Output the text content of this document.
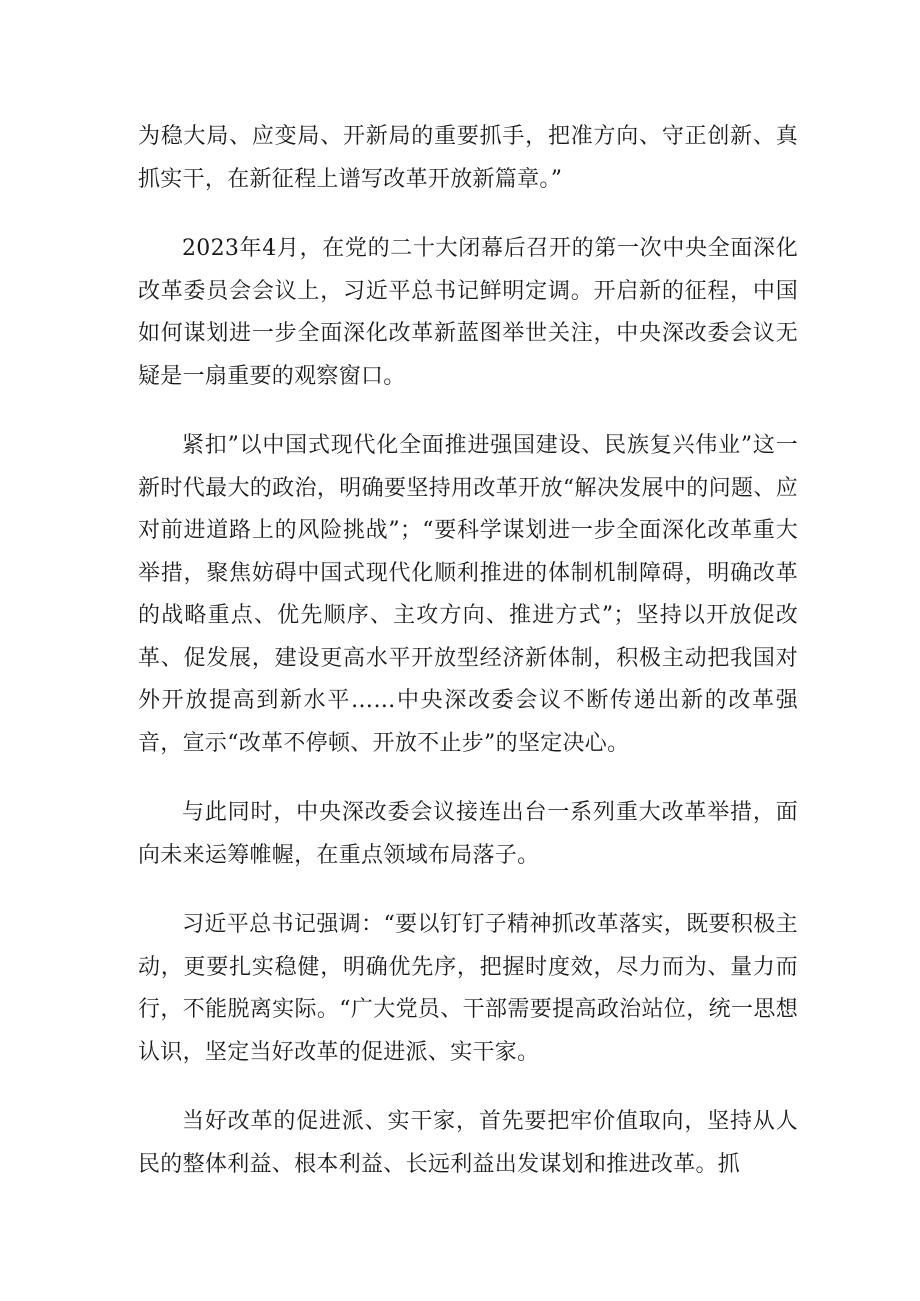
为稳大局、应变局、开新局的重要抓手，把准方向、守正创新、真抓实干，在新征程上谱写改革开放新篇章。”

2023年4月，在党的二十大闭幕后召开的第一次中央全面深化改革委员会会议上，习近平总书记鲜明定调。开启新的征程，中国如何谋划进一步全面深化改革新蓝图举世关注，中央深改委会议无疑是一扇重要的观察窗口。

紧扣”以中国式现代化全面推进强国建设、民族复兴伟业”这一新时代最大的政治，明确要坚持用改革开放“解决发展中的问题、应对前进道路上的风险挑战”；“要科学谋划进一步全面深化改革重大举措，聚焦妨碍中国式现代化顺利推进的体制机制障碍，明确改革的战略重点、优先顺序、主攻方向、推进方式”；坚持以开放促改革、促发展，建设更高水平开放型经济新体制，积极主动把我国对外开放提高到新水平……中央深改委会议不断传递出新的改革强音，宣示“改革不停顿、开放不止步”的坚定决心。

与此同时，中央深改委会议接连出台一系列重大改革举措，面向未来运筹帷幄，在重点领域布局落子。

习近平总书记强调：“要以钉钉子精神抓改革落实，既要积极主动，更要扎实稳健，明确优先序，把握时度效，尽力而为、量力而行，不能脱离实际。“广大党员、干部需要提高政治站位，统一思想认识，坚定当好改革的促进派、实干家。

当好改革的促进派、实干家，首先要把牢价值取向，坚持从人民的整体利益、根本利益、长远利益出发谋划和推进改革。抓
